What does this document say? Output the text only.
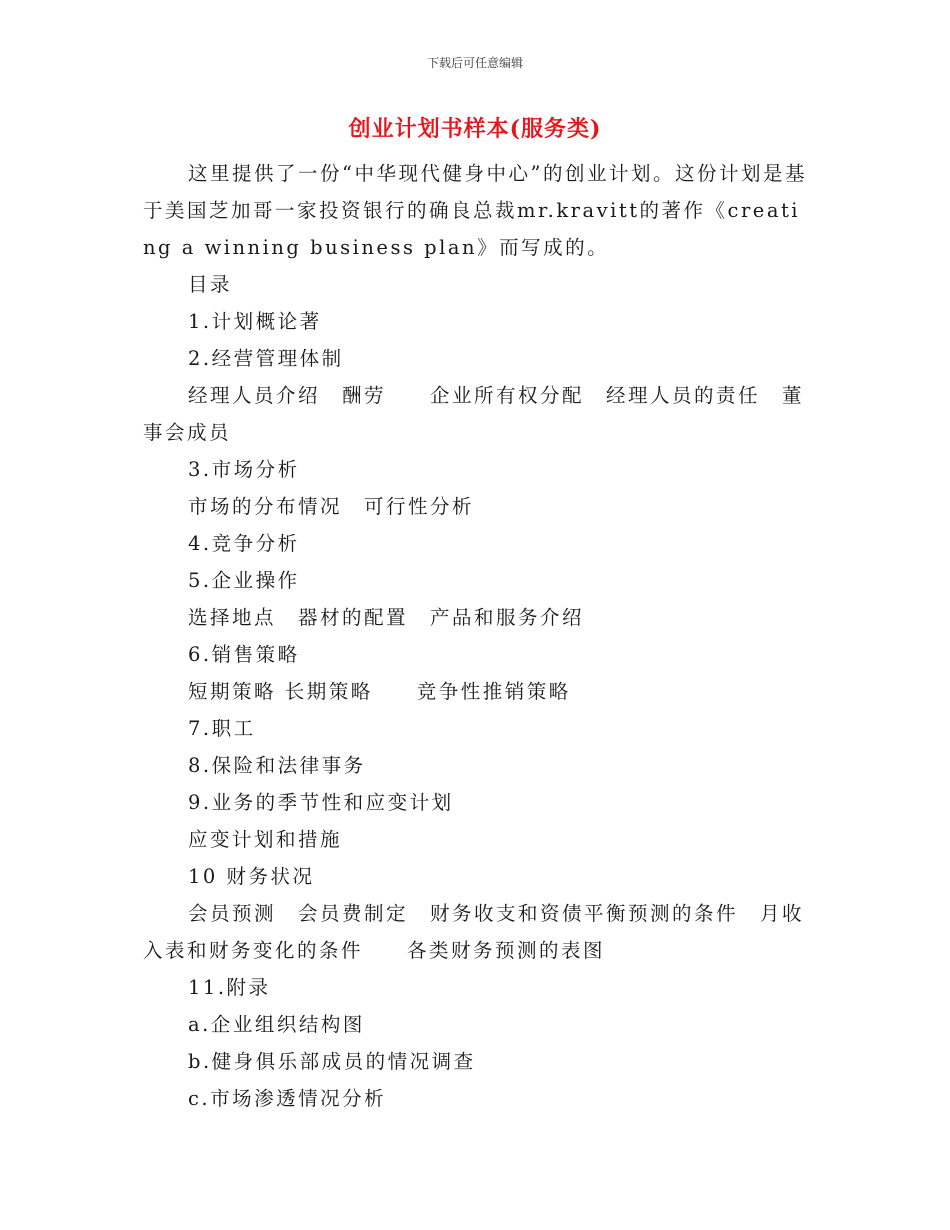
下载后可任意编辑
创业计划书样本(服务类)

这里提供了一份“中华现代健身中心”的创业计划。这份计划是基于美国芝加哥一家投资银行的确良总裁mr.kravitt的著作《creating a winning business plan》而写成的。

目录

1.计划概论著

2.经营管理体制

经理人员介绍　酬劳　　企业所有权分配　经理人员的责任　董事会成员

3.市场分析

市场的分布情况　可行性分析

4.竞争分析

5.企业操作

选择地点　器材的配置　产品和服务介绍

6.销售策略

短期策略 长期策略　　竞争性推销策略

7.职工

8.保险和法律事务

9.业务的季节性和应变计划

应变计划和措施

10 财务状况

会员预测　会员费制定　财务收支和资债平衡预测的条件　月收入表和财务变化的条件　　各类财务预测的表图

11.附录

a.企业组织结构图

b.健身俱乐部成员的情况调查

c.市场渗透情况分析
